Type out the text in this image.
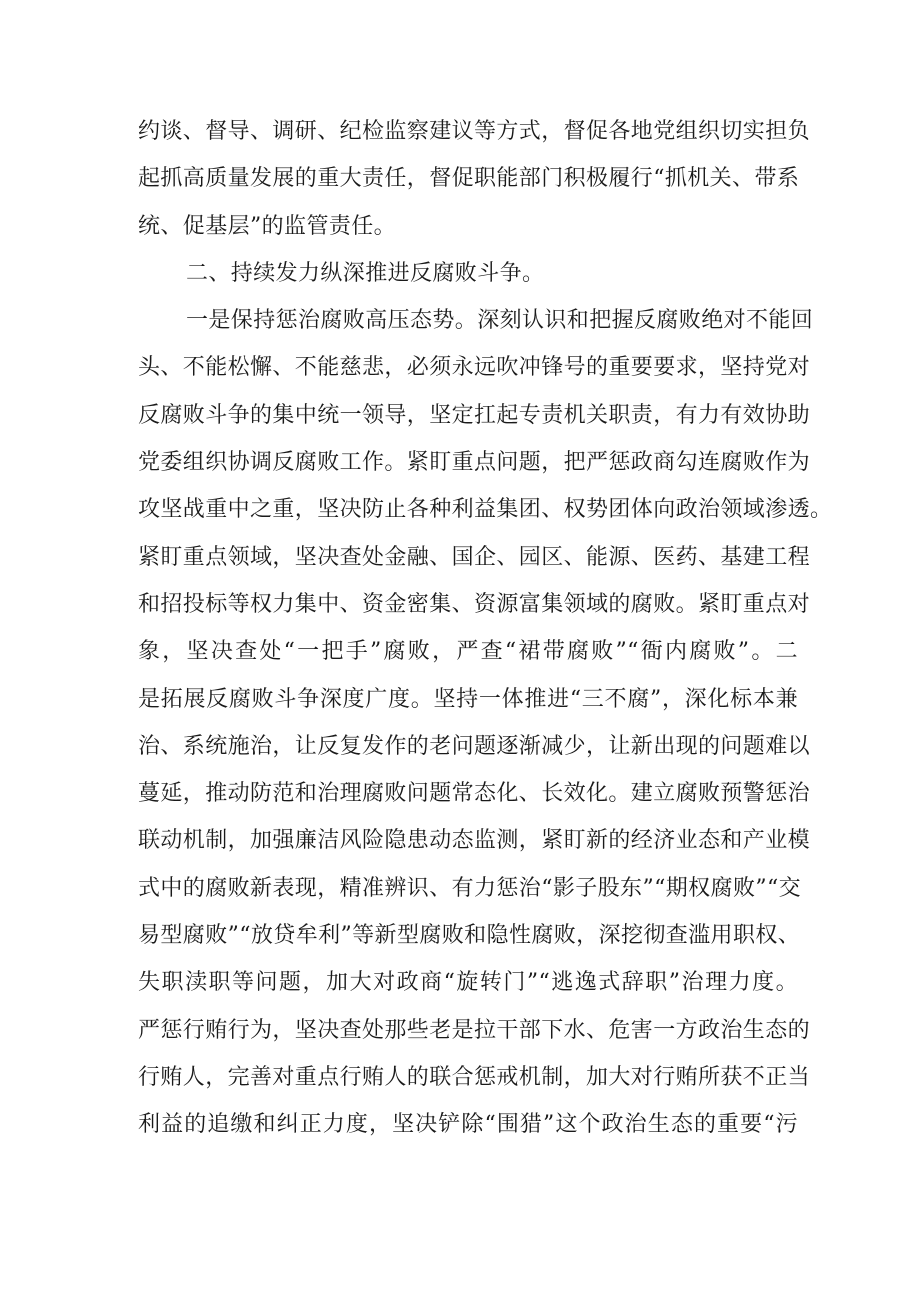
约谈、督导、调研、纪检监察建议等方式，督促各地党组织切实担负
起抓高质量发展的重大责任，督促职能部门积极履行“抓机关、带系
统、促基层”的监管责任。
二、持续发力纵深推进反腐败斗争。
一是保持惩治腐败高压态势。深刻认识和把握反腐败绝对不能回
头、不能松懈、不能慈悲，必须永远吹冲锋号的重要要求，坚持党对
反腐败斗争的集中统一领导，坚定扛起专责机关职责，有力有效协助
党委组织协调反腐败工作。紧盯重点问题，把严惩政商勾连腐败作为
攻坚战重中之重，坚决防止各种利益集团、权势团体向政治领域渗透。
紧盯重点领域，坚决查处金融、国企、园区、能源、医药、基建工程
和招投标等权力集中、资金密集、资源富集领域的腐败。紧盯重点对
象，坚决查处“一把手”腐败，严查“裙带腐败”“衙内腐败”。二
是拓展反腐败斗争深度广度。坚持一体推进“三不腐”，深化标本兼
治、系统施治，让反复发作的老问题逐渐减少，让新出现的问题难以
蔓延，推动防范和治理腐败问题常态化、长效化。建立腐败预警惩治
联动机制，加强廉洁风险隐患动态监测，紧盯新的经济业态和产业模
式中的腐败新表现，精准辨识、有力惩治“影子股东”“期权腐败”“交
易型腐败”“放贷牟利”等新型腐败和隐性腐败，深挖彻查滥用职权、
失职渎职等问题，加大对政商“旋转门”“逃逸式辞职”治理力度。
严惩行贿行为，坚决查处那些老是拉干部下水、危害一方政治生态的
行贿人，完善对重点行贿人的联合惩戒机制，加大对行贿所获不正当
利益的追缴和纠正力度，坚决铲除“围猎”这个政治生态的重要“污
